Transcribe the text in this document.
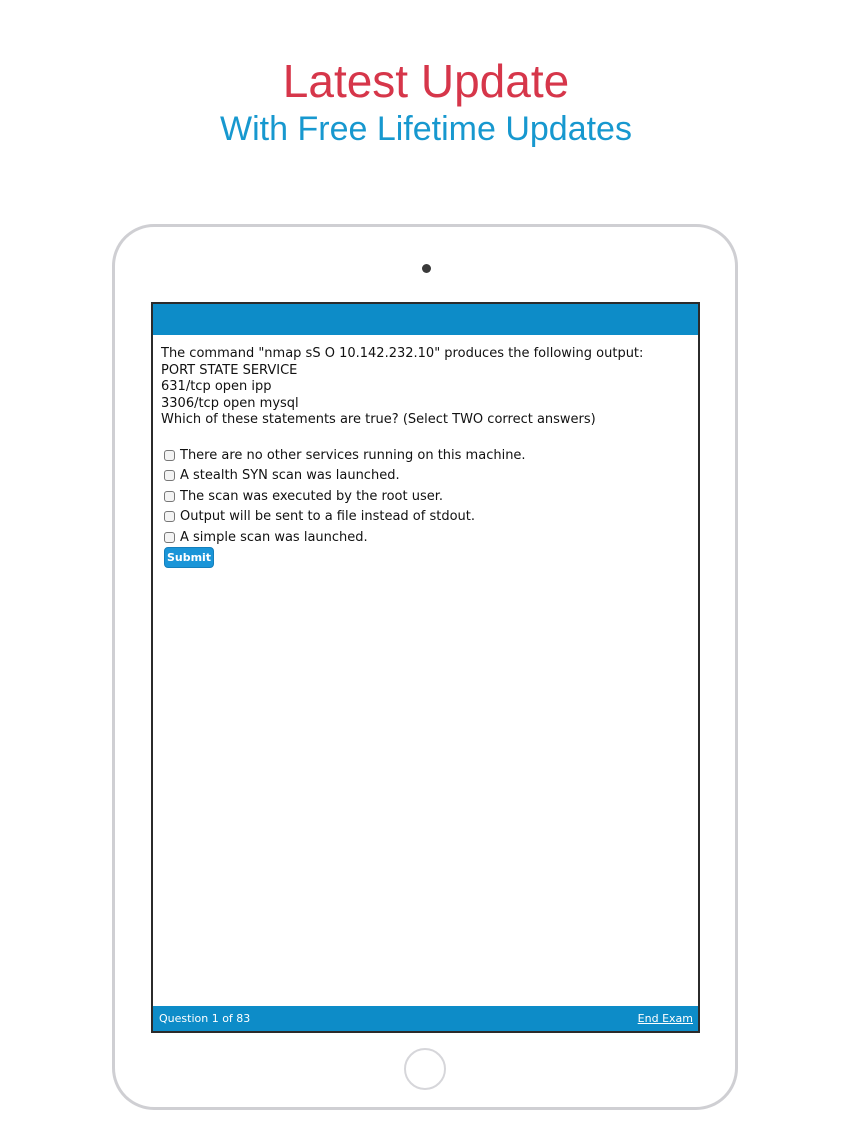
Latest Update
With Free Lifetime Updates
The command "nmap sS O 10.142.232.10" produces the following output:
PORT STATE SERVICE
631/tcp open ipp
3306/tcp open mysql
Which of these statements are true? (Select TWO correct answers)
There are no other services running on this machine.
A stealth SYN scan was launched.
The scan was executed by the root user.
Output will be sent to a file instead of stdout.
A simple scan was launched.
Submit
Question 1 of 83	End Exam
